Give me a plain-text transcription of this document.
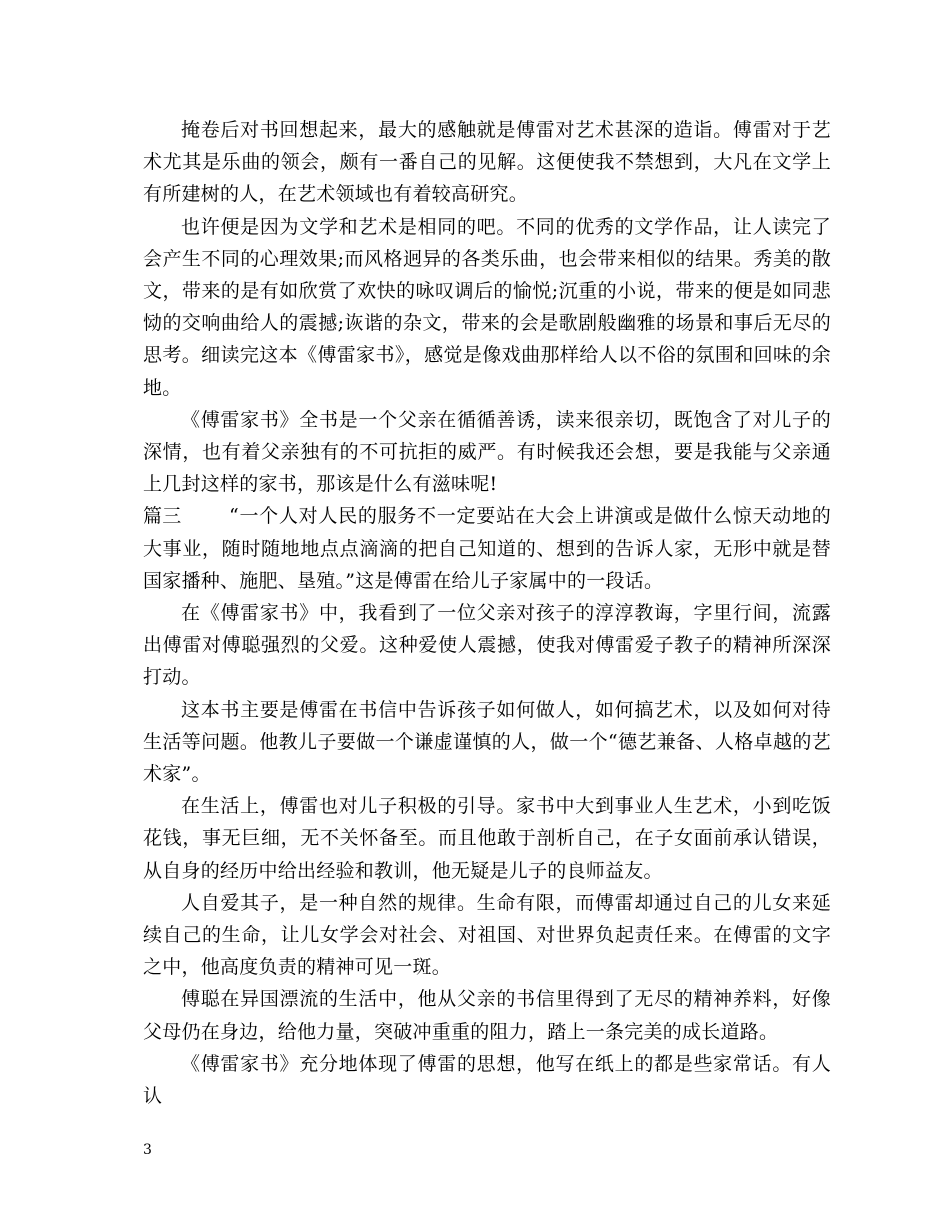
掩卷后对书回想起来，最大的感触就是傅雷对艺术甚深的造诣。傅雷对于艺术尤其是乐曲的领会，颇有一番自己的见解。这便使我不禁想到，大凡在文学上有所建树的人，在艺术领域也有着较高研究。

也许便是因为文学和艺术是相同的吧。不同的优秀的文学作品，让人读完了会产生不同的心理效果;而风格迥异的各类乐曲，也会带来相似的结果。秀美的散文，带来的是有如欣赏了欢快的咏叹调后的愉悦;沉重的小说，带来的便是如同悲恸的交响曲给人的震撼;诙谐的杂文，带来的会是歌剧般幽雅的场景和事后无尽的思考。细读完这本《傅雷家书》，感觉是像戏曲那样给人以不俗的氛围和回味的余地。

《傅雷家书》全书是一个父亲在循循善诱，读来很亲切，既饱含了对儿子的深情，也有着父亲独有的不可抗拒的威严。有时候我还会想，要是我能与父亲通上几封这样的家书，那该是什么有滋味呢!

篇三 “一个人对人民的服务不一定要站在大会上讲演或是做什么惊天动地的大事业，随时随地地点点滴滴的把自己知道的、想到的告诉人家，无形中就是替国家播种、施肥、垦殖。”这是傅雷在给儿子家属中的一段话。

在《傅雷家书》中，我看到了一位父亲对孩子的淳淳教诲，字里行间，流露出傅雷对傅聪强烈的父爱。这种爱使人震撼，使我对傅雷爱子教子的精神所深深打动。

这本书主要是傅雷在书信中告诉孩子如何做人，如何搞艺术，以及如何对待生活等问题。他教儿子要做一个谦虚谨慎的人，做一个“德艺兼备、人格卓越的艺术家”。

在生活上，傅雷也对儿子积极的引导。家书中大到事业人生艺术，小到吃饭花钱，事无巨细，无不关怀备至。而且他敢于剖析自己，在子女面前承认错误，从自身的经历中给出经验和教训，他无疑是儿子的良师益友。

人自爱其子，是一种自然的规律。生命有限，而傅雷却通过自己的儿女来延续自己的生命，让儿女学会对社会、对祖国、对世界负起责任来。在傅雷的文字之中，他高度负责的精神可见一斑。

傅聪在异国漂流的生活中，他从父亲的书信里得到了无尽的精神养料，好像父母仍在身边，给他力量，突破冲重重的阻力，踏上一条完美的成长道路。

《傅雷家书》充分地体现了傅雷的思想，他写在纸上的都是些家常话。有人认

3
